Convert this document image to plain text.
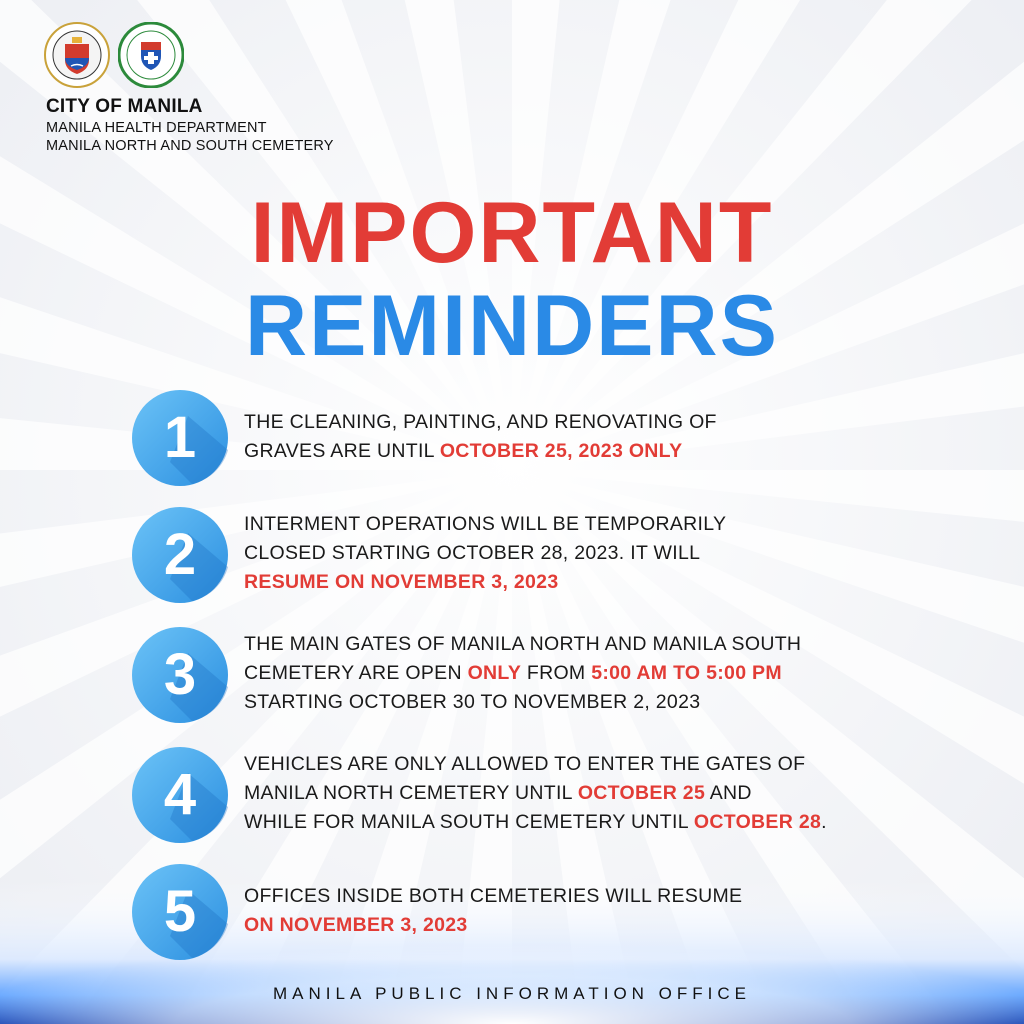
CITY OF MANILA
MANILA HEALTH DEPARTMENT
MANILA NORTH AND SOUTH CEMETERY
IMPORTANT
REMINDERS
1	THE CLEANING, PAINTING, AND RENOVATING OF
GRAVES ARE UNTIL OCTOBER 25, 2023 ONLY
2	INTERMENT OPERATIONS WILL BE TEMPORARILY
CLOSED STARTING OCTOBER 28, 2023. IT WILL
RESUME ON NOVEMBER 3, 2023
3	THE MAIN GATES OF MANILA NORTH AND MANILA SOUTH
CEMETERY ARE OPEN ONLY FROM 5:00 AM TO 5:00 PM
STARTING OCTOBER 30 TO NOVEMBER 2, 2023
4	VEHICLES ARE ONLY ALLOWED TO ENTER THE GATES OF
MANILA NORTH CEMETERY UNTIL OCTOBER 25 AND
WHILE FOR MANILA SOUTH CEMETERY UNTIL OCTOBER 28.
5	OFFICES INSIDE BOTH CEMETERIES WILL RESUME
ON NOVEMBER 3, 2023
MANILA PUBLIC INFORMATION OFFICE
